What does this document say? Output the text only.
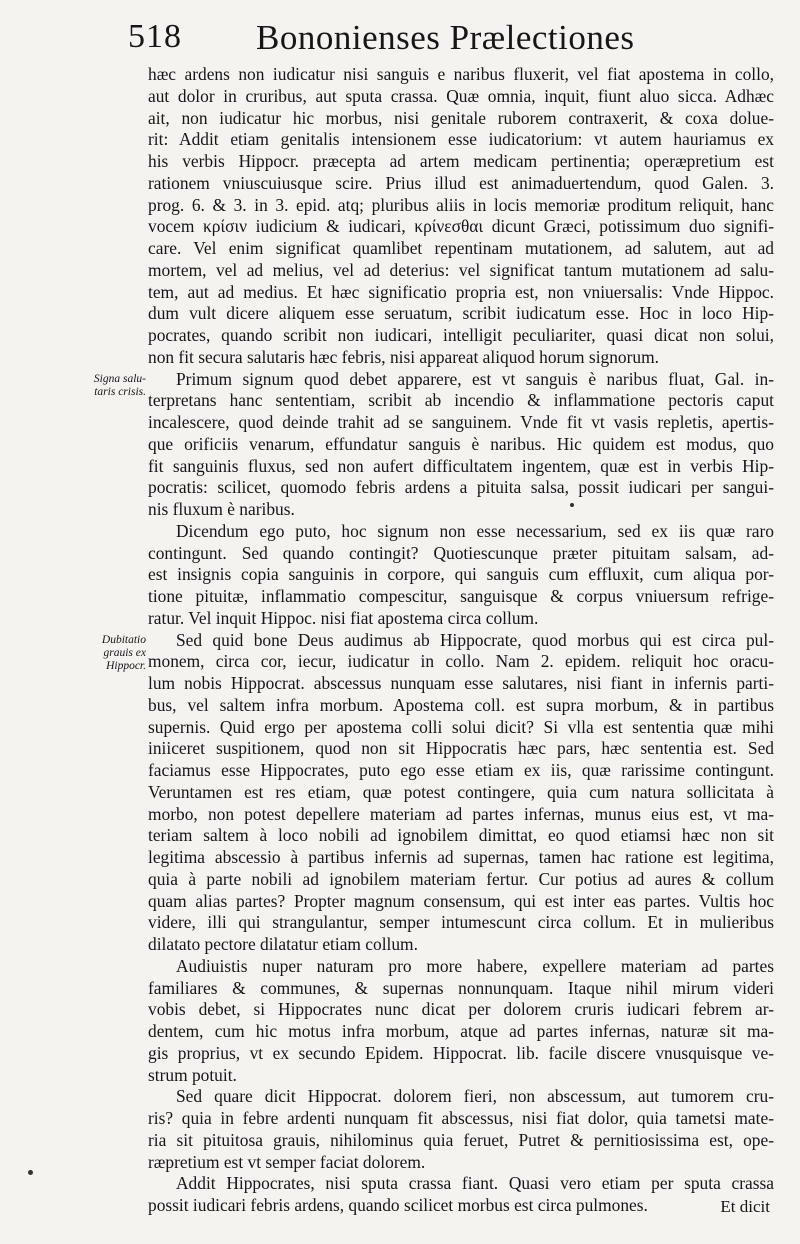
518 Bononienses Prælectiones
hæc ardens non iudicatur nisi sanguis e naribus fluxerit, vel fiat apostema in collo,
aut dolor in cruribus, aut sputa crassa. Quæ omnia, inquit, fiunt aluo sicca. Adhæc
ait, non iudicatur hic morbus, nisi genitale ruborem contraxerit, & coxa dolue-
rit: Addit etiam genitalis intensionem esse iudicatorium: vt autem hauriamus ex
his verbis Hippocr. præcepta ad artem medicam pertinentia; operæpretium est
rationem vniuscuiusque scire. Prius illud est animaduertendum, quod Galen. 3.
prog. 6. & 3. in 3. epid. atq; pluribus aliis in locis memoriæ proditum reliquit, hanc
vocem κρίσιν iudicium & iudicari, κρίνεσθαι dicunt Græci, potissimum duo signifi-
care. Vel enim significat quamlibet repentinam mutationem, ad salutem, aut ad
mortem, vel ad melius, vel ad deterius: vel significat tantum mutationem ad salu-
tem, aut ad medius. Et hæc significatio propria est, non vniuersalis: Vnde Hippoc.
dum vult dicere aliquem esse seruatum, scribit iudicatum esse. Hoc in loco Hip-
pocrates, quando scribit non iudicari, intelligit peculiariter, quasi dicat non solui,
non fit secura salutaris hæc febris, nisi appareat aliquod horum signorum.
Primum signum quod debet apparere, est vt sanguis è naribus fluat, Gal. in-
terpretans hanc sententiam, scribit ab incendio & inflammatione pectoris caput
incalescere, quod deinde trahit ad se sanguinem. Vnde fit vt vasis repletis, apertis-
que orificiis venarum, effundatur sanguis è naribus. Hic quidem est modus, quo
fit sanguinis fluxus, sed non aufert difficultatem ingentem, quæ est in verbis Hip-
pocratis: scilicet, quomodo febris ardens a pituita salsa, possit iudicari per sangui-
nis fluxum è naribus.
Dicendum ego puto, hoc signum non esse necessarium, sed ex iis quæ raro
contingunt. Sed quando contingit? Quotiescunque præter pituitam salsam, ad-
est insignis copia sanguinis in corpore, qui sanguis cum effluxit, cum aliqua por-
tione pituitæ, inflammatio compescitur, sanguisque & corpus vniuersum refrige-
ratur. Vel inquit Hippoc. nisi fiat apostema circa collum.
Sed quid bone Deus audimus ab Hippocrate, quod morbus qui est circa pul-
monem, circa cor, iecur, iudicatur in collo. Nam 2. epidem. reliquit hoc oracu-
lum nobis Hippocrat. abscessus nunquam esse salutares, nisi fiant in infernis parti-
bus, vel saltem infra morbum. Apostema coll. est supra morbum, & in partibus
supernis. Quid ergo per apostema colli solui dicit? Si vlla est sententia quæ mihi
iniiceret suspitionem, quod non sit Hippocratis hæc pars, hæc sententia est. Sed
faciamus esse Hippocrates, puto ego esse etiam ex iis, quæ rarissime contingunt.
Veruntamen est res etiam, quæ potest contingere, quia cum natura sollicitata à
morbo, non potest depellere materiam ad partes infernas, munus eius est, vt ma-
teriam saltem à loco nobili ad ignobilem dimittat, eo quod etiamsi hæc non sit
legitima abscessio à partibus infernis ad supernas, tamen hac ratione est legitima,
quia à parte nobili ad ignobilem materiam fertur. Cur potius ad aures & collum
quam alias partes? Propter magnum consensum, qui est inter eas partes. Vultis hoc
videre, illi qui strangulantur, semper intumescunt circa collum. Et in mulieribus
dilatato pectore dilatatur etiam collum.
Audiuistis nuper naturam pro more habere, expellere materiam ad partes
familiares & communes, & supernas nonnunquam. Itaque nihil mirum videri
vobis debet, si Hippocrates nunc dicat per dolorem cruris iudicari febrem ar-
dentem, cum hic motus infra morbum, atque ad partes infernas, naturæ sit ma-
gis proprius, vt ex secundo Epidem. Hippocrat. lib. facile discere vnusquisque ve-
strum potuit.
Sed quare dicit Hippocrat. dolorem fieri, non abscessum, aut tumorem cru-
ris? quia in febre ardenti nunquam fit abscessus, nisi fiat dolor, quia tametsi mate-
ria sit pituitosa grauis, nihilominus quia feruet, Putret & pernitiosissima est, ope-
ræpretium est vt semper faciat dolorem.
Addit Hippocrates, nisi sputa crassa fiant. Quasi vero etiam per sputa crassa
possit iudicari febris ardens, quando scilicet morbus est circa pulmones.
Signa salu-
taris crisis.
Dubitatio
grauis ex
Hippocr.
Et dicit
